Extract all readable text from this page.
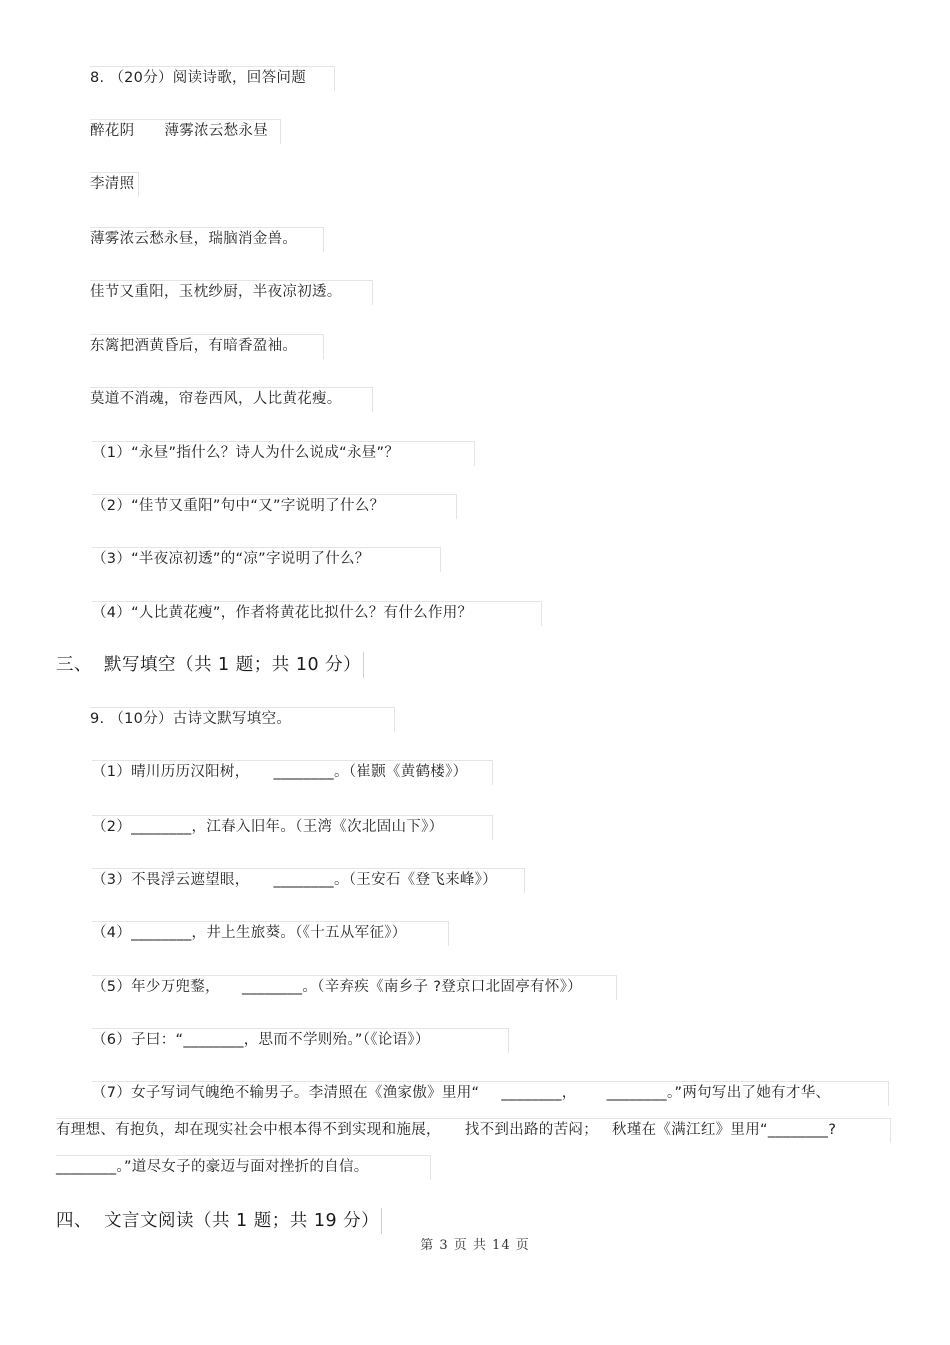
8. （20分）阅读诗歌，回答问题
醉花阴 薄雾浓云愁永昼
李清照
薄雾浓云愁永昼，瑞脑消金兽。
佳节又重阳，玉枕纱厨，半夜凉初透。
东篱把酒黄昏后，有暗香盈袖。
莫道不消魂，帘卷西风，人比黄花瘦。
（1）“永昼”指什么？诗人为什么说成“永昼”？
（2）“佳节又重阳”句中“又”字说明了什么？
（3）“半夜凉初透”的“凉”字说明了什么？
（4）“人比黄花瘦”，作者将黄花比拟什么？有什么作用？
三、 默写填空（共 1 题；共 10 分）
9. （10分）古诗文默写填空。
（1）晴川历历汉阳树， ________。（崔颢《黄鹤楼》）
（2）________，江春入旧年。（王湾《次北固山下》）
（3）不畏浮云遮望眼， ________。（王安石《登飞来峰》）
（4）________，井上生旅葵。（《十五从军征》）
（5）年少万兜鍪， ________。（辛弃疾《南乡子 ?登京口北固亭有怀》）
（6）子曰：“________，思而不学则殆。”（《论语》）
（7）女子写词气魄绝不输男子。李清照在《渔家傲》里用“ ________， ________。”两句写出了她有才华、
有理想、有抱负，却在现实社会中根本得不到实现和施展， 找不到出路的苦闷； 秋瑾在《满江红》里用“________?
________。”道尽女子的豪迈与面对挫折的自信。
四、 文言文阅读（共 1 题；共 19 分）
第 3 页 共 14 页
